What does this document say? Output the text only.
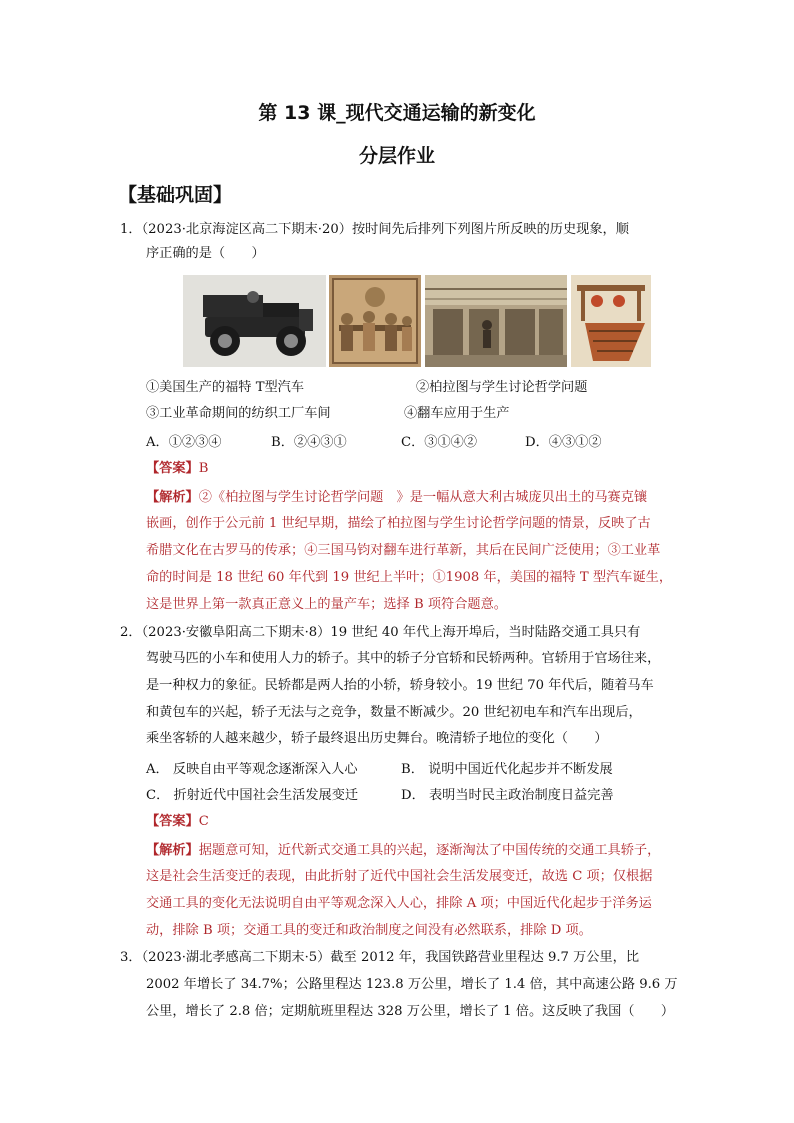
第 13 课_现代交通运输的新变化
分层作业
【基础巩固】
1．（2023·北京海淀区高二下期末·20）按时间先后排列下列图片所反映的历史现象，顺
序正确的是（　　）
①美国生产的福特 T型汽车	②柏拉图与学生讨论哲学问题
③工业革命期间的纺织工厂车间	④翻车应用于生产
A．①②③④	B．②④③①	C．③①④②	D．④③①②
【答案】B
【解析】②《柏拉图与学生讨论哲学问题　》是一幅从意大利古城庞贝出土的马赛克镶
嵌画，创作于公元前 1 世纪早期，描绘了柏拉图与学生讨论哲学问题的情景，反映了古
希腊文化在古罗马的传承；④三国马钧对翻车进行革新，其后在民间广泛使用；③工业革
命的时间是 18 世纪 60 年代到 19 世纪上半叶；①1908 年，美国的福特 T 型汽车诞生，
这是世界上第一款真正意义上的量产车；选择 B 项符合题意。
2．（2023·安徽阜阳高二下期末·8）19 世纪 40 年代上海开埠后，当时陆路交通工具只有
驾驶马匹的小车和使用人力的轿子。其中的轿子分官轿和民轿两种。官轿用于官场往来，
是一种权力的象征。民轿都是两人抬的小轿，轿身较小。19 世纪 70 年代后，随着马车
和黄包车的兴起，轿子无法与之竞争，数量不断减少。20 世纪初电车和汽车出现后，
乘坐客轿的人越来越少，轿子最终退出历史舞台。晚清轿子地位的变化（　　）
A． 反映自由平等观念逐渐深入人心	B． 说明中国近代化起步并不断发展
C． 折射近代中国社会生活发展变迁	D． 表明当时民主政治制度日益完善
【答案】C
【解析】据题意可知，近代新式交通工具的兴起，逐渐淘汰了中国传统的交通工具轿子，
这是社会生活变迁的表现，由此折射了近代中国社会生活发展变迁，故选 C 项；仅根据
交通工具的变化无法说明自由平等观念深入人心，排除 A 项；中国近代化起步于洋务运
动，排除 B 项；交通工具的变迁和政治制度之间没有必然联系，排除 D 项。
3．（2023·湖北孝感高二下期末·5）截至 2012 年，我国铁路营业里程达 9.7 万公里，比
2002 年增长了 34.7%；公路里程达 123.8 万公里，增长了 1.4 倍，其中高速公路 9.6 万
公里，增长了 2.8 倍；定期航班里程达 328 万公里，增长了 1 倍。这反映了我国（　　）
